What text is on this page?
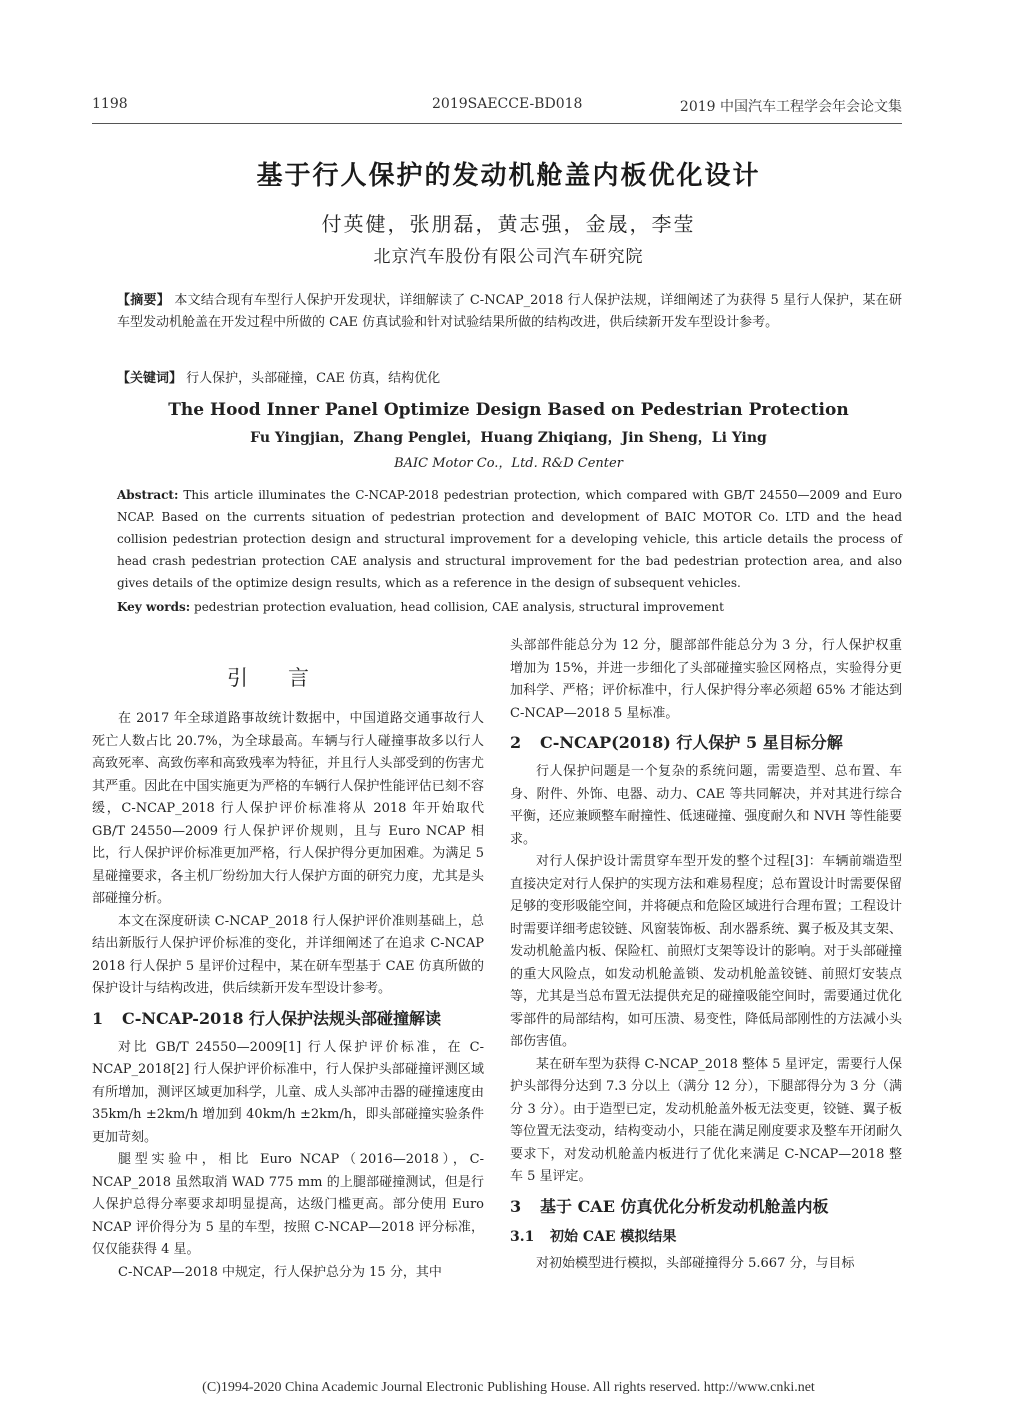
1198	2019SAECCE-BD018	2019 中国汽车工程学会年会论文集
基于行人保护的发动机舱盖内板优化设计
付英健，张朋磊，黄志强，金晟，李莹
北京汽车股份有限公司汽车研究院
【摘要】 本文结合现有车型行人保护开发现状，详细解读了 C-NCAP_2018 行人保护法规，详细阐述了为获得 5 星行人保护，某在研车型发动机舱盖在开发过程中所做的 CAE 仿真试验和针对试验结果所做的结构改进，供后续新开发车型设计参考。
【关键词】 行人保护，头部碰撞，CAE 仿真，结构优化
The Hood Inner Panel Optimize Design Based on Pedestrian Protection
Fu Yingjian，Zhang Penglei，Huang Zhiqiang，Jin Sheng，Li Ying
BAIC Motor Co.，Ltd. R&D Center
Abstract: This article illuminates the C-NCAP-2018 pedestrian protection, which compared with GB/T 24550—2009 and Euro NCAP. Based on the currents situation of pedestrian protection and development of BAIC MOTOR Co. LTD and the head collision pedestrian protection design and structural improvement for a developing vehicle, this article details the process of head crash pedestrian protection CAE analysis and structural improvement for the bad pedestrian protection area, and also gives details of the optimize design results, which as a reference in the design of subsequent vehicles.
Key words: pedestrian protection evaluation, head collision, CAE analysis, structural improvement
引言

在 2017 年全球道路事故统计数据中，中国道路交通事故行人死亡人数占比 20.7%，为全球最高。车辆与行人碰撞事故多以行人高致死率、高致伤率和高致残率为特征，并且行人头部受到的伤害尤其严重。因此在中国实施更为严格的车辆行人保护性能评估已刻不容缓，C-NCAP_2018 行人保护评价标准将从 2018 年开始取代 GB/T 24550—2009 行人保护评价规则，且与 Euro NCAP 相比，行人保护评价标准更加严格，行人保护得分更加困难。为满足 5 星碰撞要求，各主机厂纷纷加大行人保护方面的研究力度，尤其是头部碰撞分析。

本文在深度研读 C-NCAP_2018 行人保护评价准则基础上，总结出新版行人保护评价标准的变化，并详细阐述了在追求 C-NCAP 2018 行人保护 5 星评价过程中，某在研车型基于 CAE 仿真所做的保护设计与结构改进，供后续新开发车型设计参考。

1 C-NCAP-2018 行人保护法规头部碰撞解读

对比 GB/T 24550—2009[1] 行人保护评价标准，在 C-NCAP_2018[2] 行人保护评价标准中，行人保护头部碰撞评测区域有所增加，测评区域更加科学，儿童、成人头部冲击器的碰撞速度由 35km/h ±2km/h 增加到 40km/h ±2km/h，即头部碰撞实验条件更加苛刻。

腿型实验中，相比 Euro NCAP（2016—2018），C-NCAP_2018 虽然取消 WAD 775 mm 的上腿部碰撞测试，但是行人保护总得分率要求却明显提高，达级门槛更高。部分使用 Euro NCAP 评价得分为 5 星的车型，按照 C-NCAP—2018 评分标准，仅仅能获得 4 星。

C-NCAP—2018 中规定，行人保护总分为 15 分，其中

头部部件能总分为 12 分，腿部部件能总分为 3 分，行人保护权重增加为 15%，并进一步细化了头部碰撞实验区网格点，实验得分更加科学、严格；评价标准中，行人保护得分率必须超 65% 才能达到 C-NCAP—2018 5 星标准。

2 C-NCAP(2018) 行人保护 5 星目标分解

行人保护问题是一个复杂的系统问题，需要造型、总布置、车身、附件、外饰、电器、动力、CAE 等共同解决，并对其进行综合平衡，还应兼顾整车耐撞性、低速碰撞、强度耐久和 NVH 等性能要求。

对行人保护设计需贯穿车型开发的整个过程[3]：车辆前端造型直接决定对行人保护的实现方法和难易程度；总布置设计时需要保留足够的变形吸能空间，并将硬点和危险区域进行合理布置；工程设计时需要详细考虑铰链、风窗装饰板、刮水器系统、翼子板及其支架、发动机舱盖内板、保险杠、前照灯支架等设计的影响。对于头部碰撞的重大风险点，如发动机舱盖锁、发动机舱盖铰链、前照灯安装点等，尤其是当总布置无法提供充足的碰撞吸能空间时，需要通过优化零部件的局部结构，如可压溃、易变性，降低局部刚性的方法减小头部伤害值。

某在研车型为获得 C-NCAP_2018 整体 5 星评定，需要行人保护头部得分达到 7.3 分以上（满分 12 分），下腿部得分为 3 分（满分 3 分）。由于造型已定，发动机舱盖外板无法变更，铰链、翼子板等位置无法变动，结构变动小，只能在满足刚度要求及整车开闭耐久要求下，对发动机舱盖内板进行了优化来满足 C-NCAP—2018 整车 5 星评定。

3 基于 CAE 仿真优化分析发动机舱盖内板
3.1 初始 CAE 模拟结果

对初始模型进行模拟，头部碰撞得分 5.667 分，与目标

(C)1994-2020 China Academic Journal Electronic Publishing House. All rights reserved. http://www.cnki.net
